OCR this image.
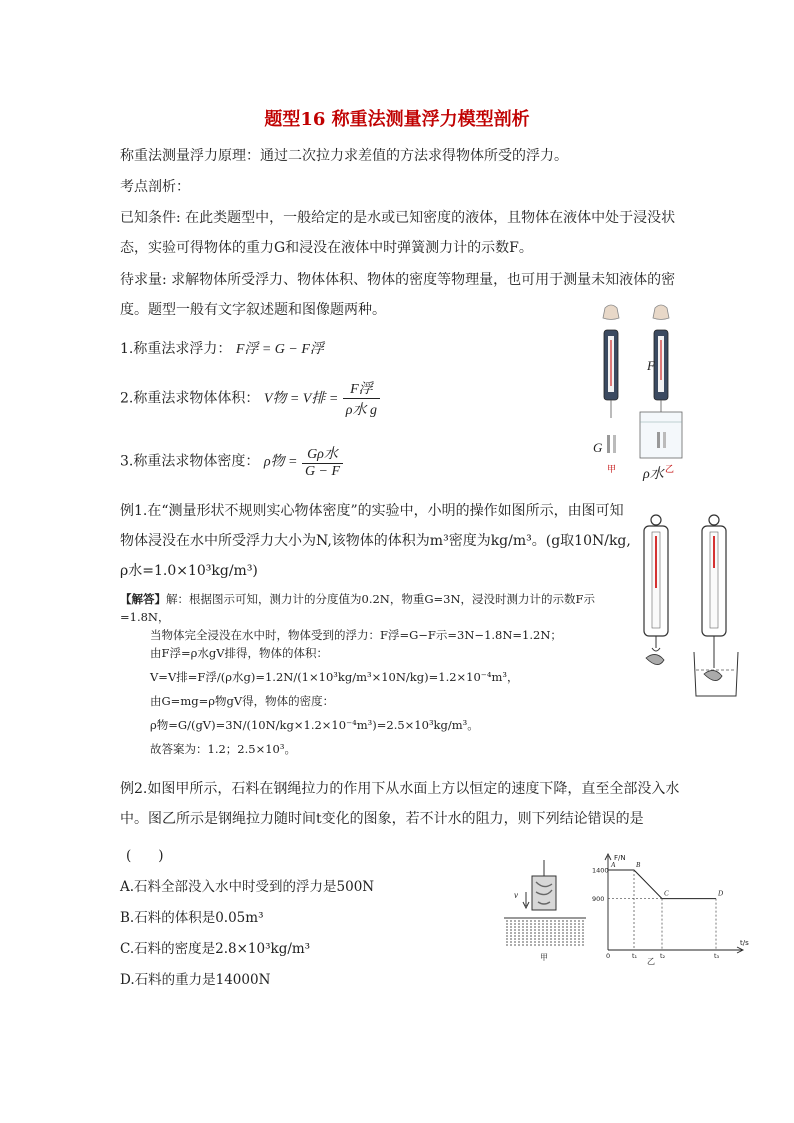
题型16 称重法测量浮力模型剖析
称重法测量浮力原理：通过二次拉力求差值的方法求得物体所受的浮力。
考点剖析：
已知条件: 在此类题型中，一般给定的是水或已知密度的液体，且物体在液体中处于浸没状态，实验可得物体的重力G和浸没在液体中时弹簧测力计的示数F。
待求量: 求解物体所受浮力、物体体积、物体的密度等物理量，也可用于测量未知液体的密度。题型一般有文字叙述题和图像题两种。
1.称重法求浮力： F浮 = G − F浮
2.称重法求物体体积： V物 = V排 = $\frac{\text{F浮}}{\text{ρ水 g}}$
3.称重法求物体密度： ρ物 = $\frac{\text{Gρ水}}{G - F}$
F
G
甲 ρ水 乙
例1.在“测量形状不规则实心物体密度”的实验中，小明的操作如图所示，由图可知物体浸没在水中所受浮力大小为N,该物体的体积为m³密度为kg/m³。(g取10N/kg, ρ水=1.0×10³kg/m³)
【解答】解：根据图示可知，测力计的分度值为0.2N，物重G=3N，浸没时测力计的示数F示=1.8N，
当物体完全浸没在水中时，物体受到的浮力：F浮=G−F示=3N−1.8N=1.2N；
由F浮=ρ水gV排得，物体的体积：
V=V排=F浮/(ρ水g)=1.2N/(1×10³kg/m³×10N/kg)=1.2×10⁻⁴m³，
由G=mg=ρ物gV得，物体的密度：
ρ物=G/(gV)=3N/(10N/kg×1.2×10⁻⁴m³)=2.5×10³kg/m³。
故答案为：1.2；2.5×10³。
例2.如图甲所示，石料在钢绳拉力的作用下从水面上方以恒定的速度下降，直至全部没入水中。图乙所示是钢绳拉力随时间t变化的图象，若不计水的阻力，则下列结论错误的是
(　　)
A.石料全部没入水中时受到的浮力是500N
B.石料的体积是0.05m³
C.石料的密度是2.8×10³kg/m³
D.石料的重力是14000N
v
甲
F/N
t/s
A	B
C	D
1400
900
0	t₁	t₂	t₃
乙
